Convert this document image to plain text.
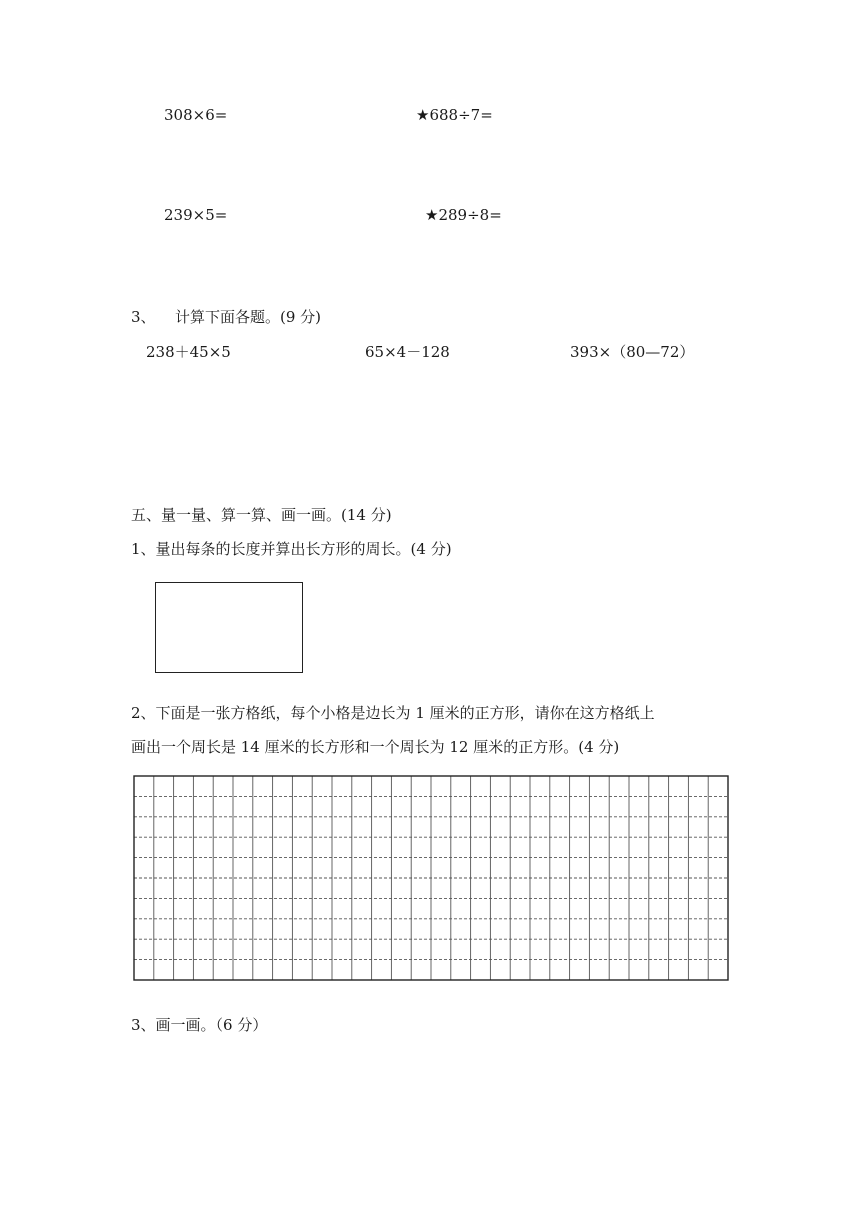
308×6=	★688÷7=
239×5=	★289÷8=
3、 计算下面各题。(9 分)
238＋45×5	65×4－128	393×（80—72）
五、量一量、算一算、画一画。(14 分)
1、量出每条的长度并算出长方形的周长。(4 分)
2、下面是一张方格纸，每个小格是边长为 1 厘米的正方形，请你在这方格纸上
画出一个周长是 14 厘米的长方形和一个周长为 12 厘米的正方形。(4 分)
3、画一画。（6 分）
